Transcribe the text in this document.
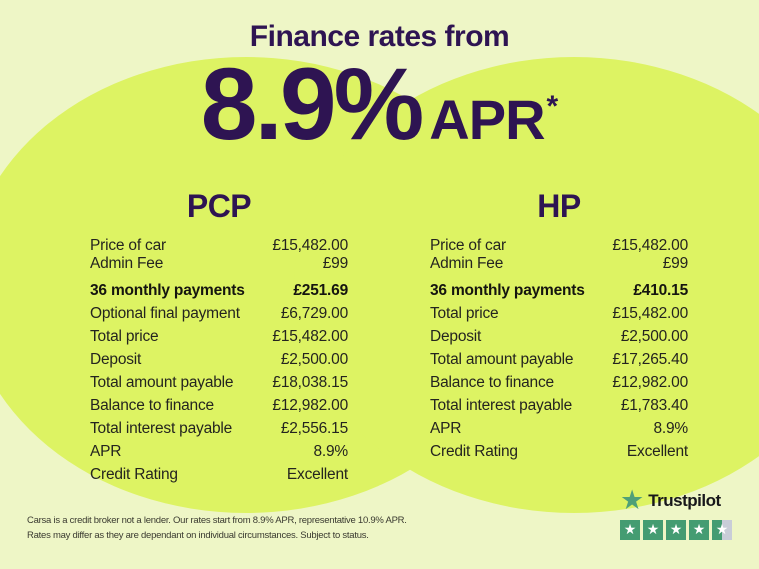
Finance rates from
8.9% APR *
PCP
Price of car	£15,482.00
Admin Fee	£99
36 monthly payments	£251.69
Optional final payment	£6,729.00
Total price	£15,482.00
Deposit	£2,500.00
Total amount payable	£18,038.15
Balance to finance	£12,982.00
Total interest payable	£2,556.15
APR	8.9%
Credit Rating	Excellent
HP
Price of car	£15,482.00
Admin Fee	£99
36 monthly payments	£410.15
Total price	£15,482.00
Deposit	£2,500.00
Total amount payable	£17,265.40
Balance to finance	£12,982.00
Total interest payable	£1,783.40
APR	8.9%
Credit Rating	Excellent
Carsa is a credit broker not a lender. Our rates start from 8.9% APR, representative 10.9% APR.
Rates may differ as they are dependant on individual circumstances. Subject to status.
★ Trustpilot
★ ★ ★ ★ ★
